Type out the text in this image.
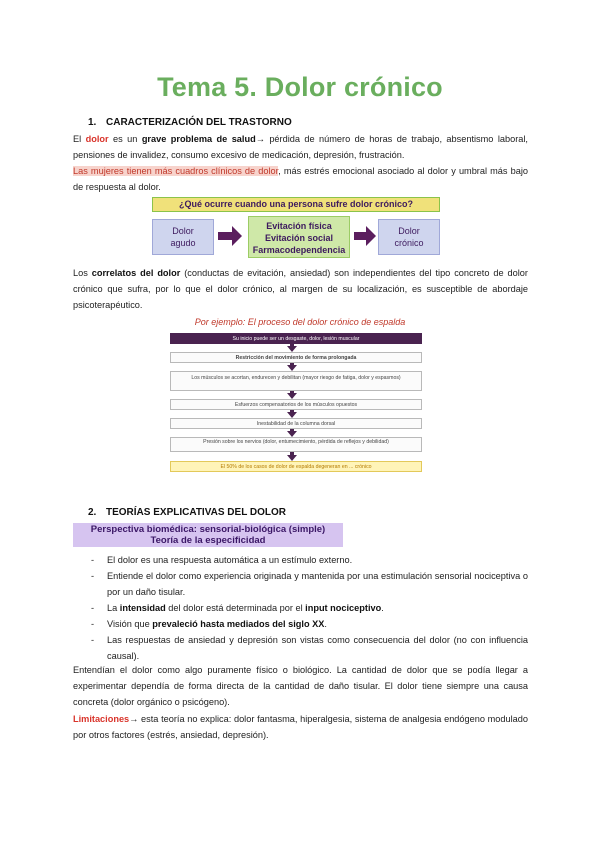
Tema 5. Dolor crónico
1. CARACTERIZACIÓN DEL TRASTORNO
El dolor es un grave problema de salud→ pérdida de número de horas de trabajo, absentismo laboral, pensiones de invalidez, consumo excesivo de medicación, depresión, frustración.
Las mujeres tienen más cuadros clínicos de dolor, más estrés emocional asociado al dolor y umbral más bajo de respuesta al dolor.
¿Qué ocurre cuando una persona sufre dolor crónico?
Dolor
agudo
Evitación física
Evitación social
Farmacodependencia
Dolor
crónico
Los correlatos del dolor (conductas de evitación, ansiedad) son independientes del tipo concreto de dolor crónico que sufra, por lo que el dolor crónico, al margen de su localización, es susceptible de abordaje psicoterapéutico.
Por ejemplo: El proceso del dolor crónico de espalda
Su inicio puede ser un desgaste, dolor, lesión muscular
Restricción del movimiento de forma prolongada
Los músculos se acortan, endurecen y debilitan (mayor riesgo de fatiga, dolor y espasmos)
Esfuerzos compensatorios de los músculos opuestos
Inestabilidad de la columna dorsal
Presión sobre los nervios (dolor, entumecimiento, pérdida de reflejos y debilidad)
El 50% de los casos de dolor de espalda degeneran en ... crónico
2. TEORÍAS EXPLICATIVAS DEL DOLOR
Perspectiva biomédica: sensorial-biológica (simple)
Teoría de la especificidad
- El dolor es una respuesta automática a un estímulo externo.
- Entiende el dolor como experiencia originada y mantenida por una estimulación sensorial nociceptiva o por un daño tisular.
- La intensidad del dolor está determinada por el input nociceptivo.
- Visión que prevaleció hasta mediados del siglo XX.
- Las respuestas de ansiedad y depresión son vistas como consecuencia del dolor (no con influencia causal).
Entendían el dolor como algo puramente físico o biológico. La cantidad de dolor que se podía llegar a experimentar dependía de forma directa de la cantidad de daño tisular. El dolor tiene siempre una causa concreta (dolor orgánico o psicógeno).
Limitaciones→ esta teoría no explica: dolor fantasma, hiperalgesia, sistema de analgesia endógeno modulado por otros factores (estrés, ansiedad, depresión).
